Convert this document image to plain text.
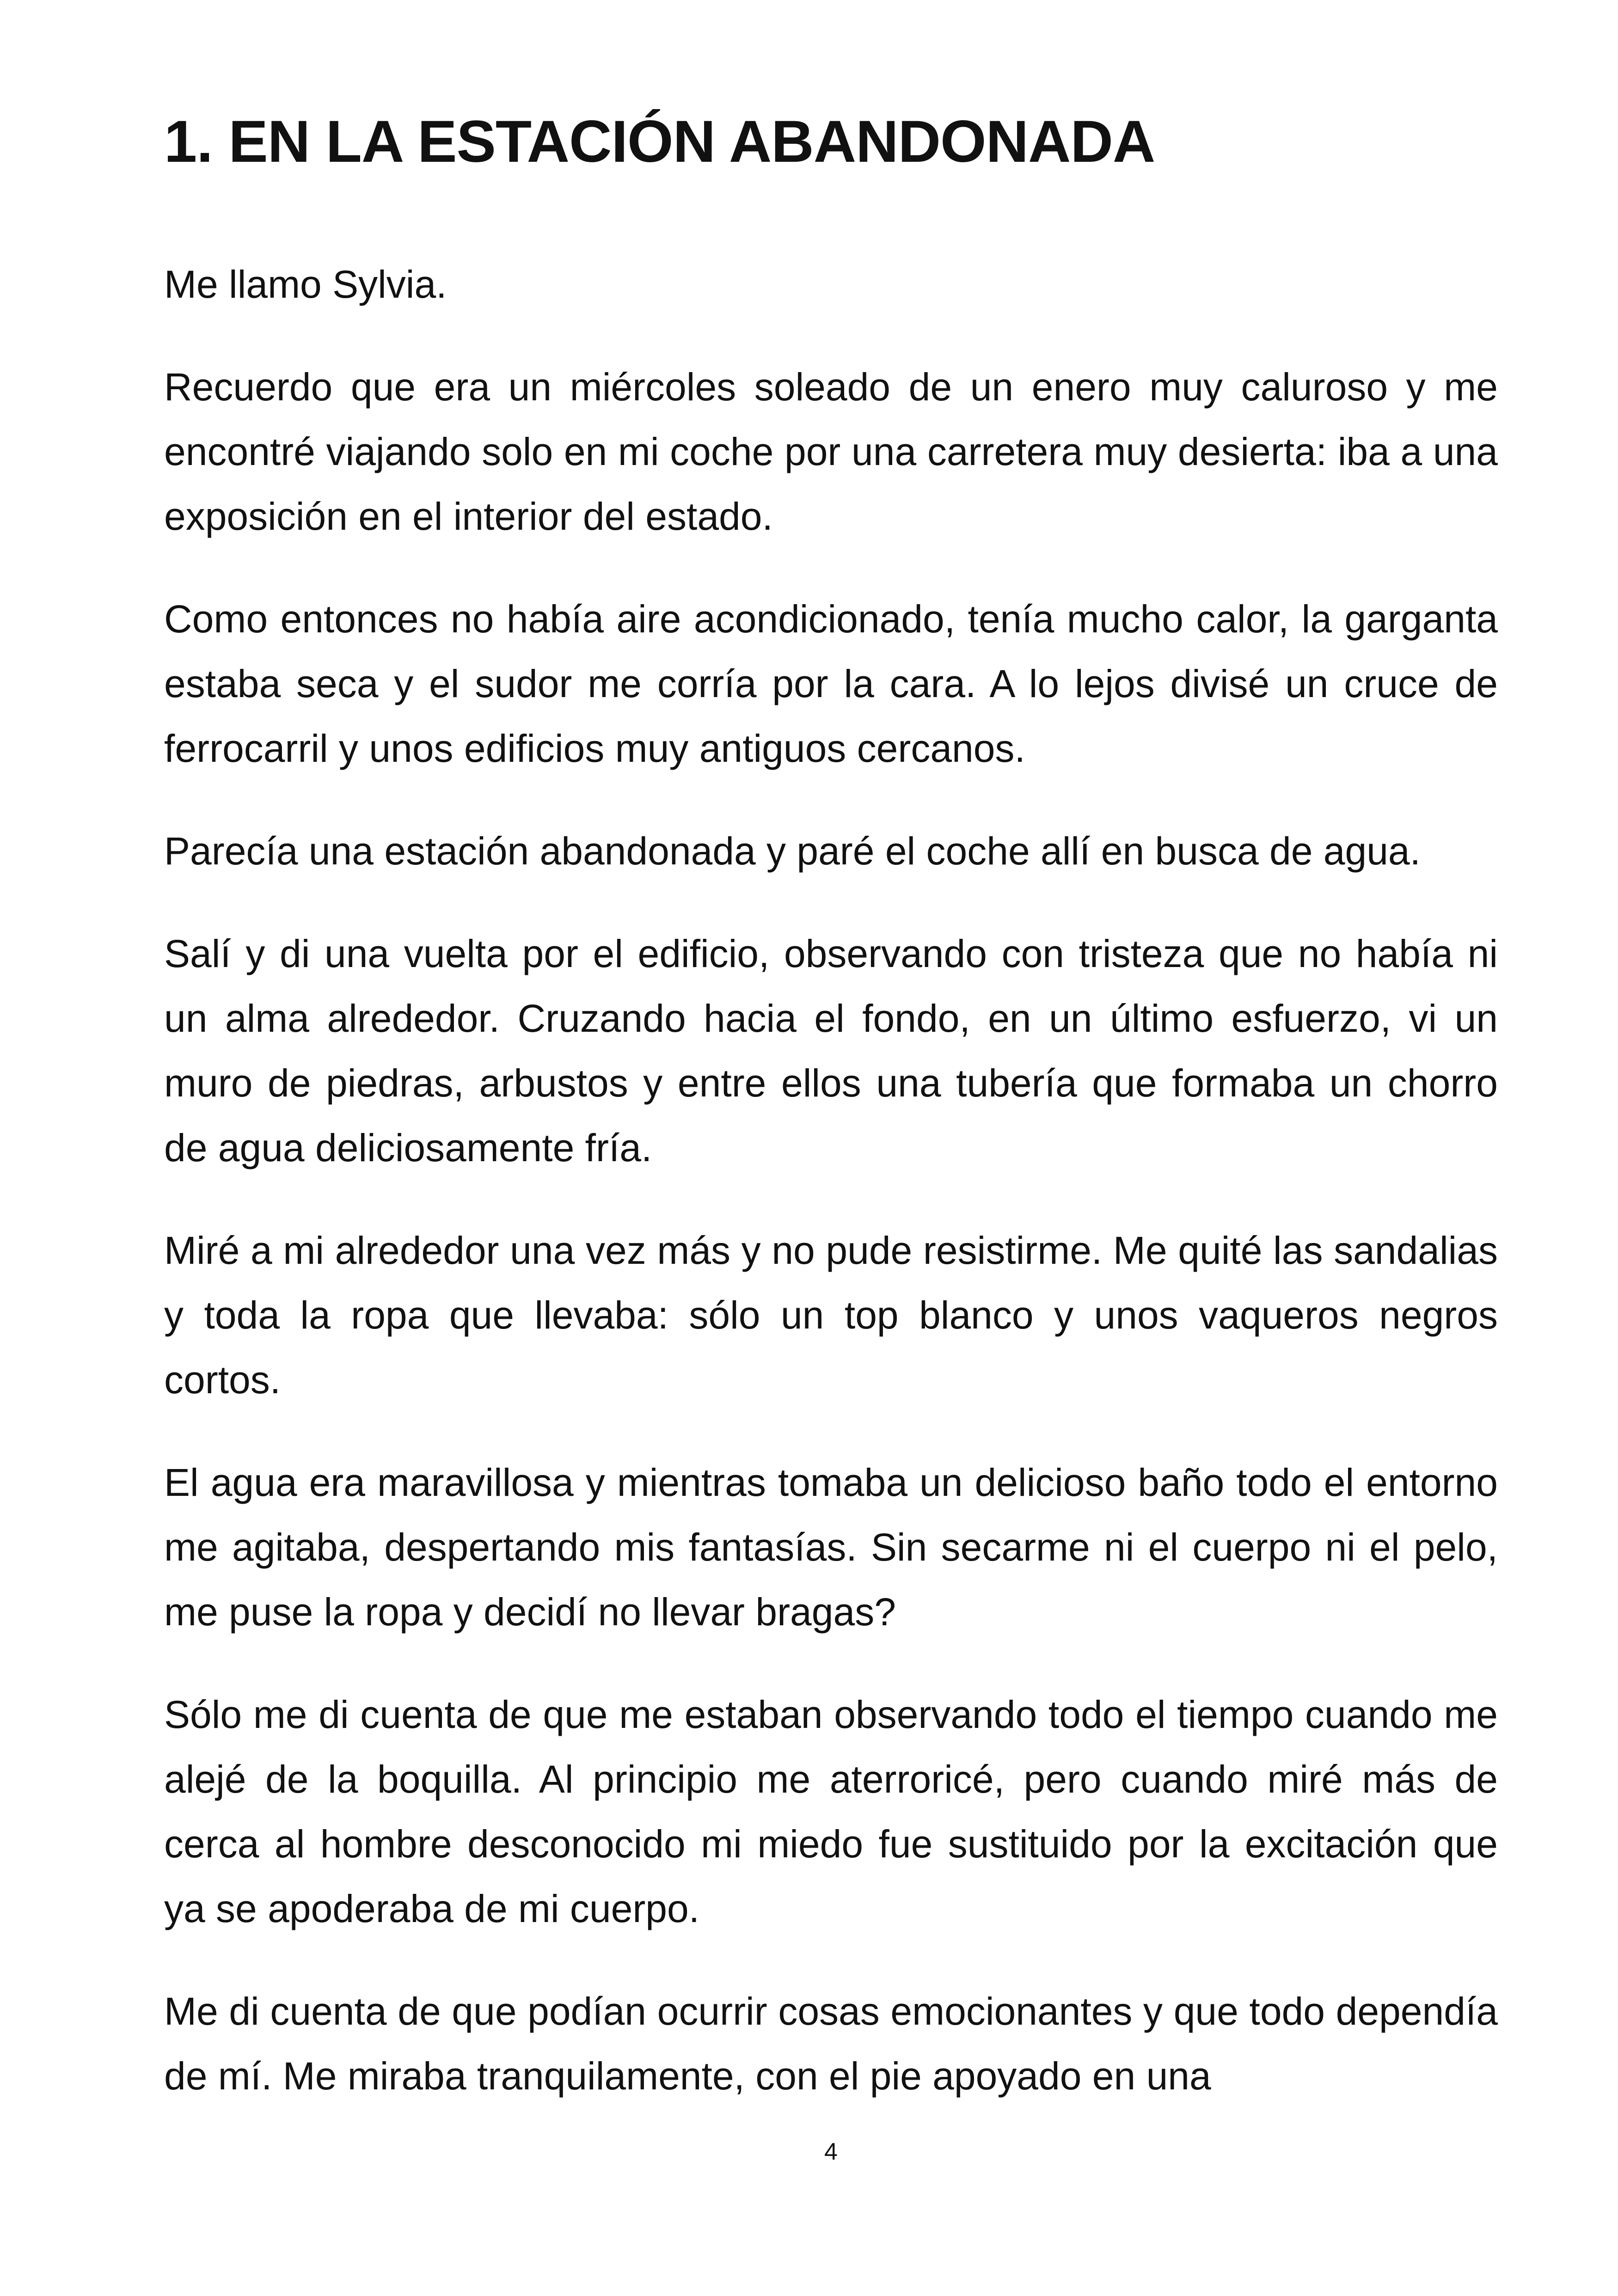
1. EN LA ESTACIÓN ABANDONADA

Me llamo Sylvia.

Recuerdo que era un miércoles soleado de un enero muy caluroso y me encontré viajando solo en mi coche por una carretera muy desierta: iba a una exposición en el interior del estado.

Como entonces no había aire acondicionado, tenía mucho calor, la garganta estaba seca y el sudor me corría por la cara. A lo lejos divisé un cruce de ferrocarril y unos edificios muy antiguos cercanos.

Parecía una estación abandonada y paré el coche allí en busca de agua.

Salí y di una vuelta por el edificio, observando con tristeza que no había ni un alma alrededor. Cruzando hacia el fondo, en un último esfuerzo, vi un muro de piedras, arbustos y entre ellos una tubería que formaba un chorro de agua deliciosamente fría.

Miré a mi alrededor una vez más y no pude resistirme. Me quité las sandalias y toda la ropa que llevaba: sólo un top blanco y unos vaqueros negros cortos.

El agua era maravillosa y mientras tomaba un delicioso baño todo el entorno me agitaba, despertando mis fantasías. Sin secarme ni el cuerpo ni el pelo, me puse la ropa y decidí no llevar bragas?

Sólo me di cuenta de que me estaban observando todo el tiempo cuando me alejé de la boquilla. Al principio me aterroricé, pero cuando miré más de cerca al hombre desconocido mi miedo fue sustituido por la excitación que ya se apoderaba de mi cuerpo.

Me di cuenta de que podían ocurrir cosas emocionantes y que todo dependía de mí. Me miraba tranquilamente, con el pie apoyado en una

4
